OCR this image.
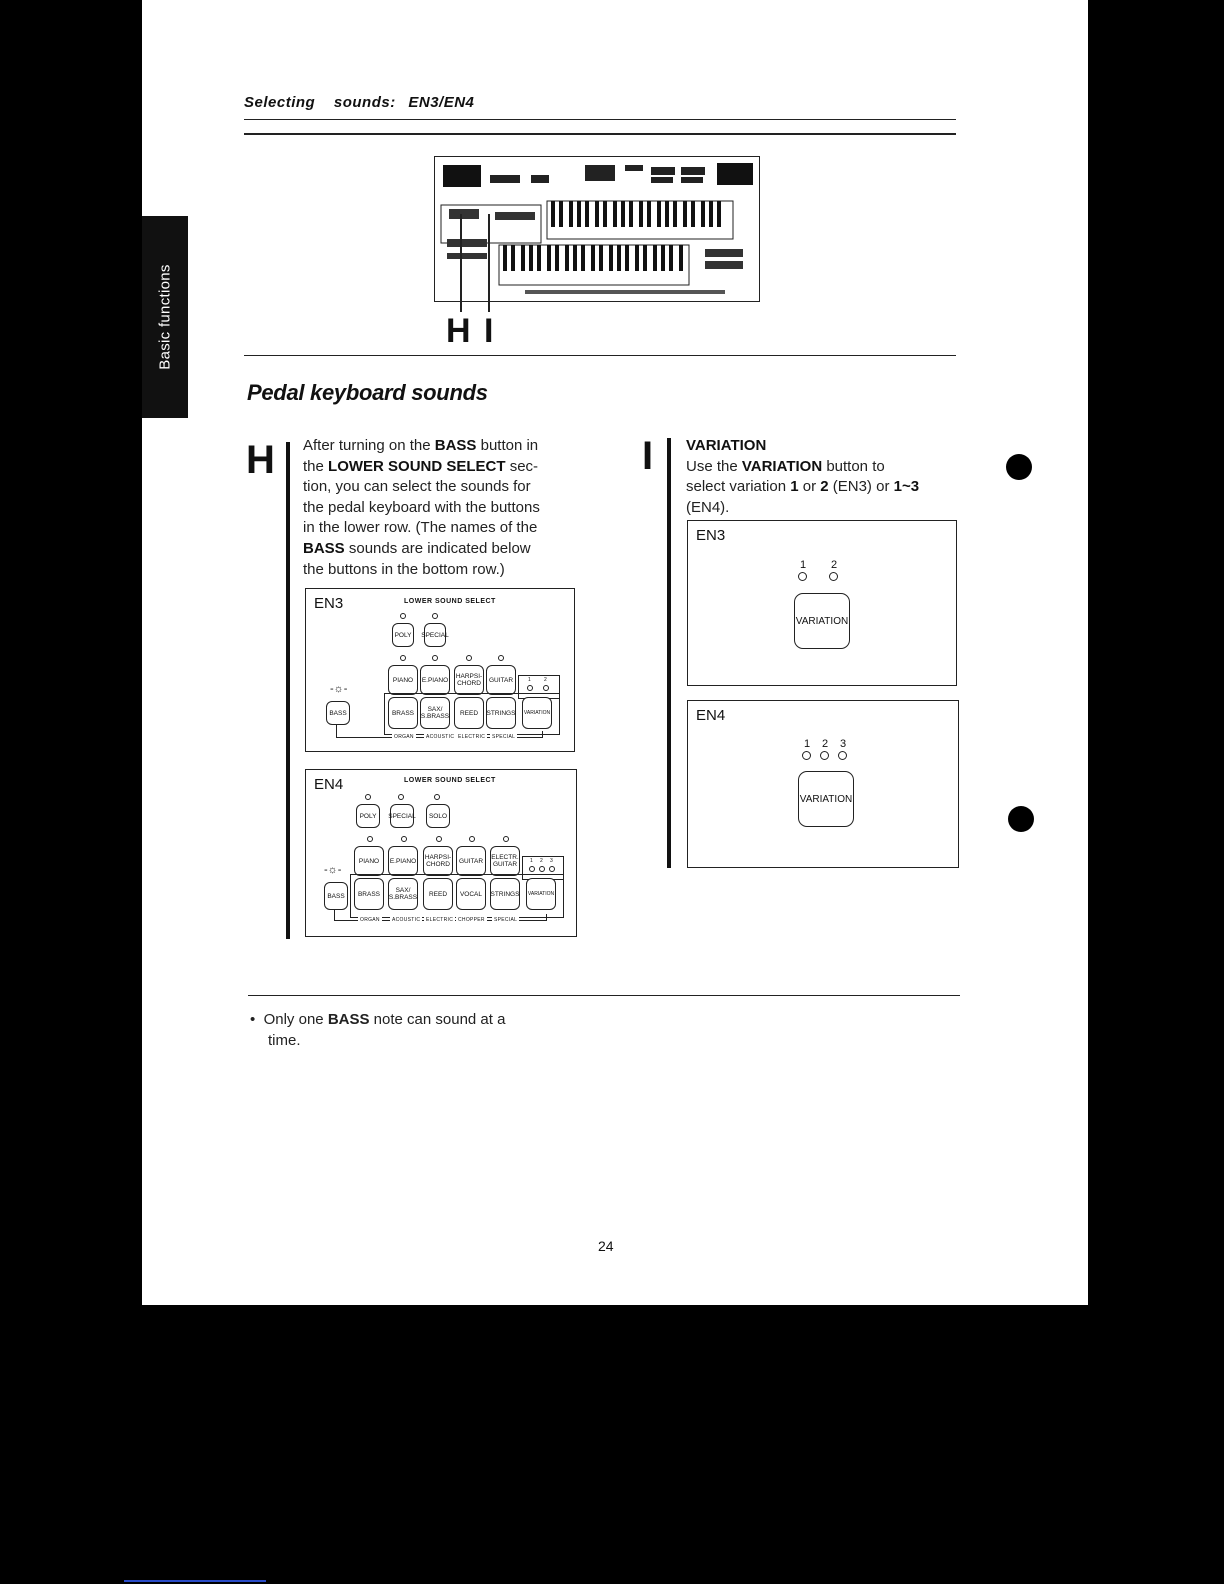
Basic functions
Selecting sounds: EN3/EN4
H I
Pedal keyboard sounds
H After turning on the BASS button in
the LOWER SOUND SELECT sec-
tion, you can select the sounds for
the pedal keyboard with the buttons
in the lower row. (The names of the
BASS sounds are indicated below
the buttons in the bottom row.)
EN3	LOWER SOUND SELECT
POLY	SPECIAL
PIANO	E.PIANO HARPSI-
CHORD	GUITAR	1	2
-☼-
BASS	BRASS	SAX/
S.BRASS	REED	STRINGS	VARIATION
ORGAN	ACOUSTIC ELECTRIC	SPECIAL
EN4	LOWER SOUND SELECT
POLY	SPECIAL	SOLO
PIANO	E.PIANO HARPSI-
CHORD	GUITAR	ELECTR.
GUITAR	1 2 3
-☼-
BASS	BRASS	SAX/
S.BRASS	REED	VOCAL	STRINGS	VARIATION
ORGAN	ACOUSTIC	ELECTRIC CHOPPER	SPECIAL
I VARIATION
Use the VARIATION button to
select variation 1 or 2 (EN3) or 1~3
(EN4).
EN3
1 2
VARIATION
EN4
1 2 3
VARIATION
•  Only one BASS note can sound at a
time.
24
